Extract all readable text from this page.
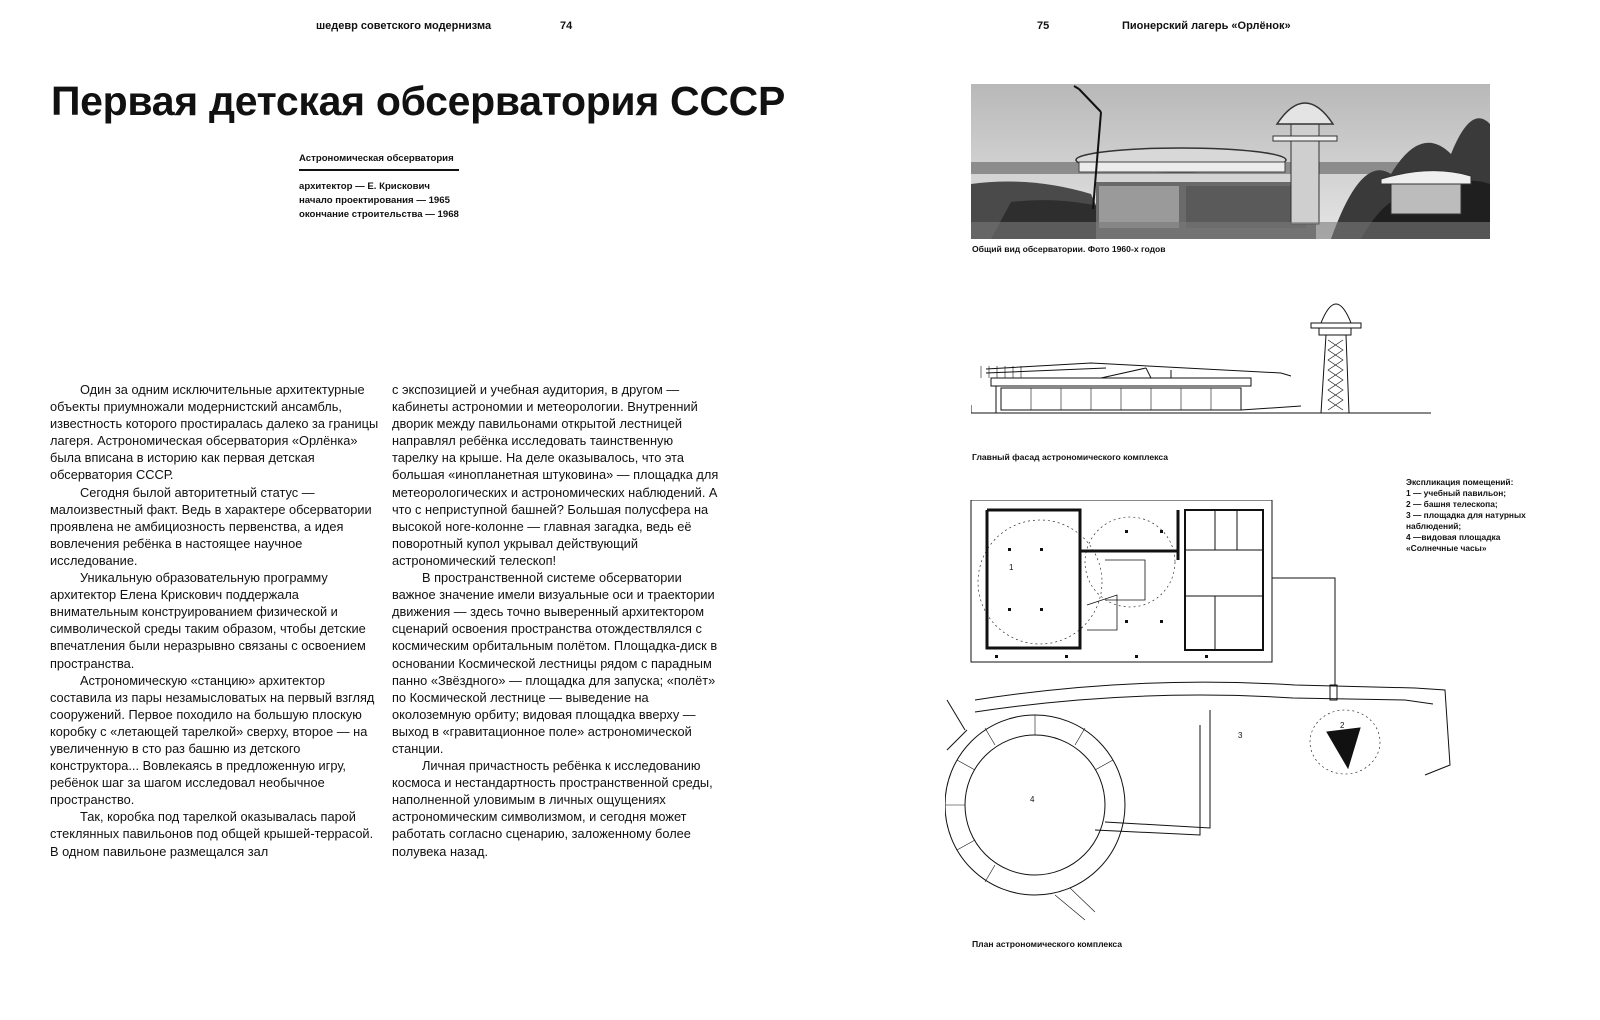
шедевр советского модернизма	74
Первая детская обсерватория СССР
Астрономическая обсерватория
архитектор — Е. Крискович
начало проектирования — 1965
окончание строительства — 1968

Один за одним исключительные архитектурные объекты приумножали модернистский ансамбль, известность которого простиралась далеко за границы лагеря. Астрономическая обсерватория «Орлёнка» была вписана в историю как первая детская обсерватория СССР.

Сегодня былой авторитетный статус — малоизвестный факт. Ведь в характере обсерватории проявлена не амбициозность первенства, а идея вовлечения ребёнка в настоящее научное исследование.

Уникальную образовательную программу архитектор Елена Крискович поддержала внимательным конструированием физической и символической среды таким образом, чтобы детские впечатления были неразрывно связаны с освоением пространства.

Астрономическую «станцию» архитектор составила из пары незамысловатых на первый взгляд сооружений. Первое походило на большую плоскую коробку с «летающей тарелкой» сверху, второе — на увеличенную в сто раз башню из детского конструктора... Вовлекаясь в предложенную игру, ребёнок шаг за шагом исследовал необычное пространство.

Так, коробка под тарелкой оказывалась парой стеклянных павильонов под общей крышей-террасой. В одном павильоне размещался зал

с экспозицией и учебная аудитория, в другом — кабинеты астрономии и метеорологии. Внутренний дворик между павильонами открытой лестницей направлял ребёнка исследовать таинственную тарелку на крыше. На деле оказывалось, что эта большая «инопланетная штуковина» — площадка для метеорологических и астрономических наблюдений. А что с неприступной башней? Большая полусфера на высокой ноге-колонне — главная загадка, ведь её поворотный купол укрывал действующий астрономический телескоп!

В пространственной системе обсерватории важное значение имели визуальные оси и траектории движения — здесь точно выверенный архитектором сценарий освоения пространства отождествлялся с космическим орбитальным полётом. Площадка-диск в основании Космической лестницы рядом с парадным панно «Звёздного» — площадка для запуска; «полёт» по Космической лестнице — выведение на околоземную орбиту; видовая площадка вверху — выход в «гравитационное поле» астрономической станции.

Личная причастность ребёнка к исследованию космоса и нестандартность пространственной среды, наполненной уловимым в личных ощущениях астрономическим символизмом, и сегодня может работать согласно сценарию, заложенному более полувека назад.

75	Пионерский лагерь «Орлёнок»
Общий вид обсерватории. Фото 1960-х годов
Главный фасад астрономического комплекса
Экспликация помещений:
1 — учебный павильон;
2 — башня телескопа;
3 — площадка для натурных наблюдений;
4 —видовая площадка «Солнечные часы»
1
2
3
4
План астрономического комплекса
